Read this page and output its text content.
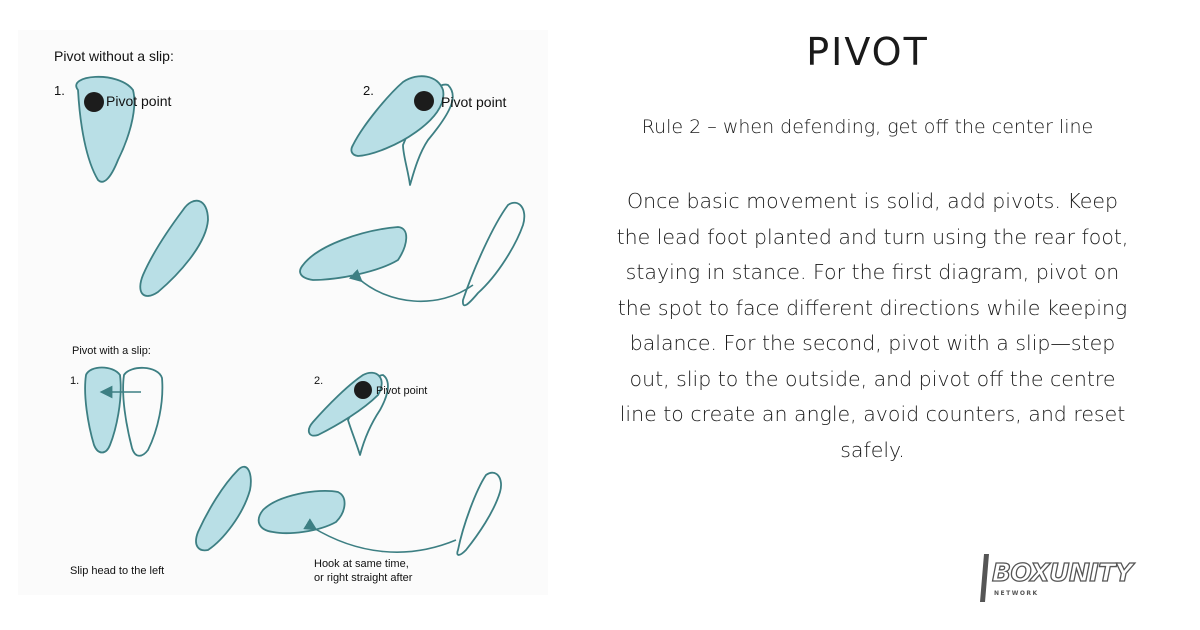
Pivot without a slip:
1.
Pivot point
2.
Pivot point
Pivot with a slip:
1.	2.
Pivot point
Slip head to the left
Hook at same time,
or right straight after
PIVOT
Rule 2 – when defending, get off the center line
Once basic movement is solid, add pivots. Keep the lead foot planted and turn using the rear foot, staying in stance. For the first diagram, pivot on the spot to face different directions while keeping balance. For the second, pivot with a slip—step out, slip to the outside, and pivot off the centre line to create an angle, avoid counters, and reset safely.
BOXUNITY
NETWORK
